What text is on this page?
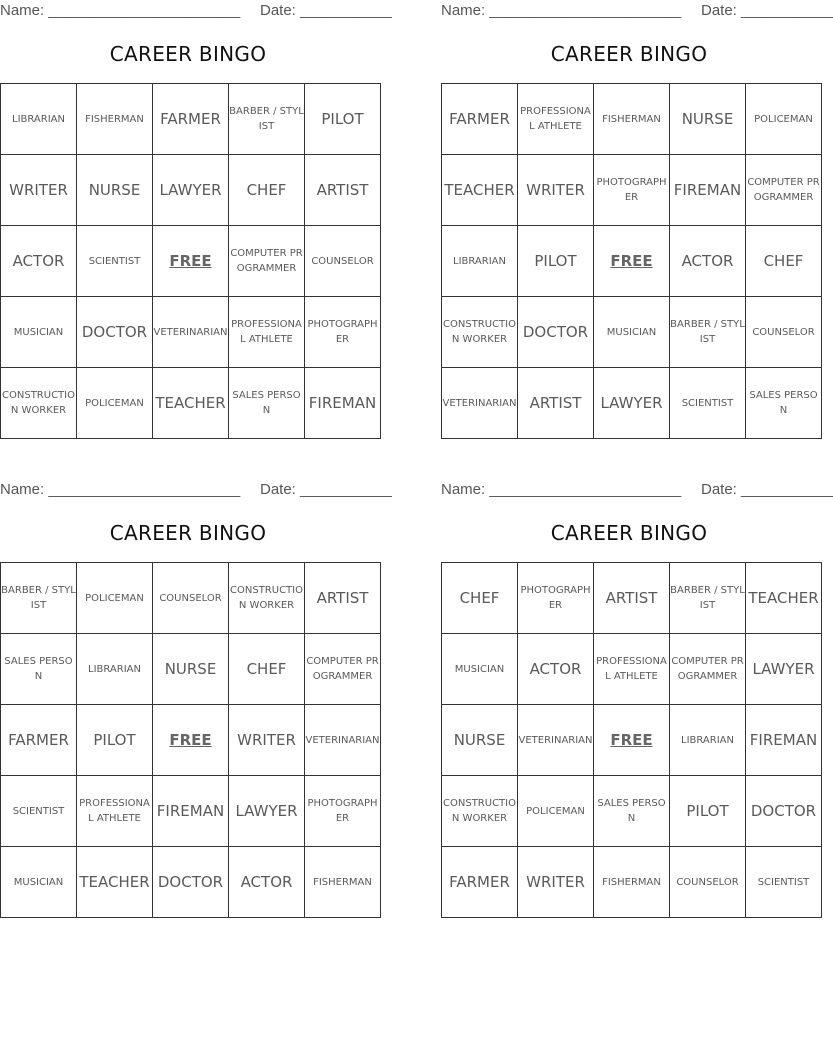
Name: _______________________ Date: ___________
CAREER BINGO
LIBRARIAN	FISHERMAN	FARMER	BARBER / STYLIST	PILOT
WRITER	NURSE	LAWYER	CHEF	ARTIST
ACTOR	SCIENTIST	FREE	COMPUTER PROGRAMMER	COUNSELOR
MUSICIAN	DOCTOR	VETERINARIAN	PROFESSIONAL ATHLETE	PHOTOGRAPHER
CONSTRUCTION WORKER	POLICEMAN	TEACHER	SALES PERSON	FIREMAN
Name: _______________________ Date: ___________
CAREER BINGO
FARMER	PROFESSIONAL ATHLETE	FISHERMAN	NURSE	POLICEMAN
TEACHER	WRITER	PHOTOGRAPHER	FIREMAN	COMPUTER PROGRAMMER
LIBRARIAN	PILOT	FREE	ACTOR	CHEF
CONSTRUCTION WORKER	DOCTOR	MUSICIAN	BARBER / STYLIST	COUNSELOR
VETERINARIAN	ARTIST	LAWYER	SCIENTIST	SALES PERSON
Name: _______________________ Date: ___________
CAREER BINGO
BARBER / STYLIST	POLICEMAN	COUNSELOR	CONSTRUCTION WORKER	ARTIST
SALES PERSON	LIBRARIAN	NURSE	CHEF	COMPUTER PROGRAMMER
FARMER	PILOT	FREE	WRITER	VETERINARIAN
SCIENTIST	PROFESSIONAL ATHLETE	FIREMAN	LAWYER	PHOTOGRAPHER
MUSICIAN	TEACHER	DOCTOR	ACTOR	FISHERMAN
Name: _______________________ Date: ___________
CAREER BINGO
CHEF	PHOTOGRAPHER	ARTIST	BARBER / STYLIST	TEACHER
MUSICIAN	ACTOR	PROFESSIONAL ATHLETE	COMPUTER PROGRAMMER	LAWYER
NURSE	VETERINARIAN	FREE	LIBRARIAN	FIREMAN
CONSTRUCTION WORKER	POLICEMAN	SALES PERSON	PILOT	DOCTOR
FARMER	WRITER	FISHERMAN	COUNSELOR	SCIENTIST
